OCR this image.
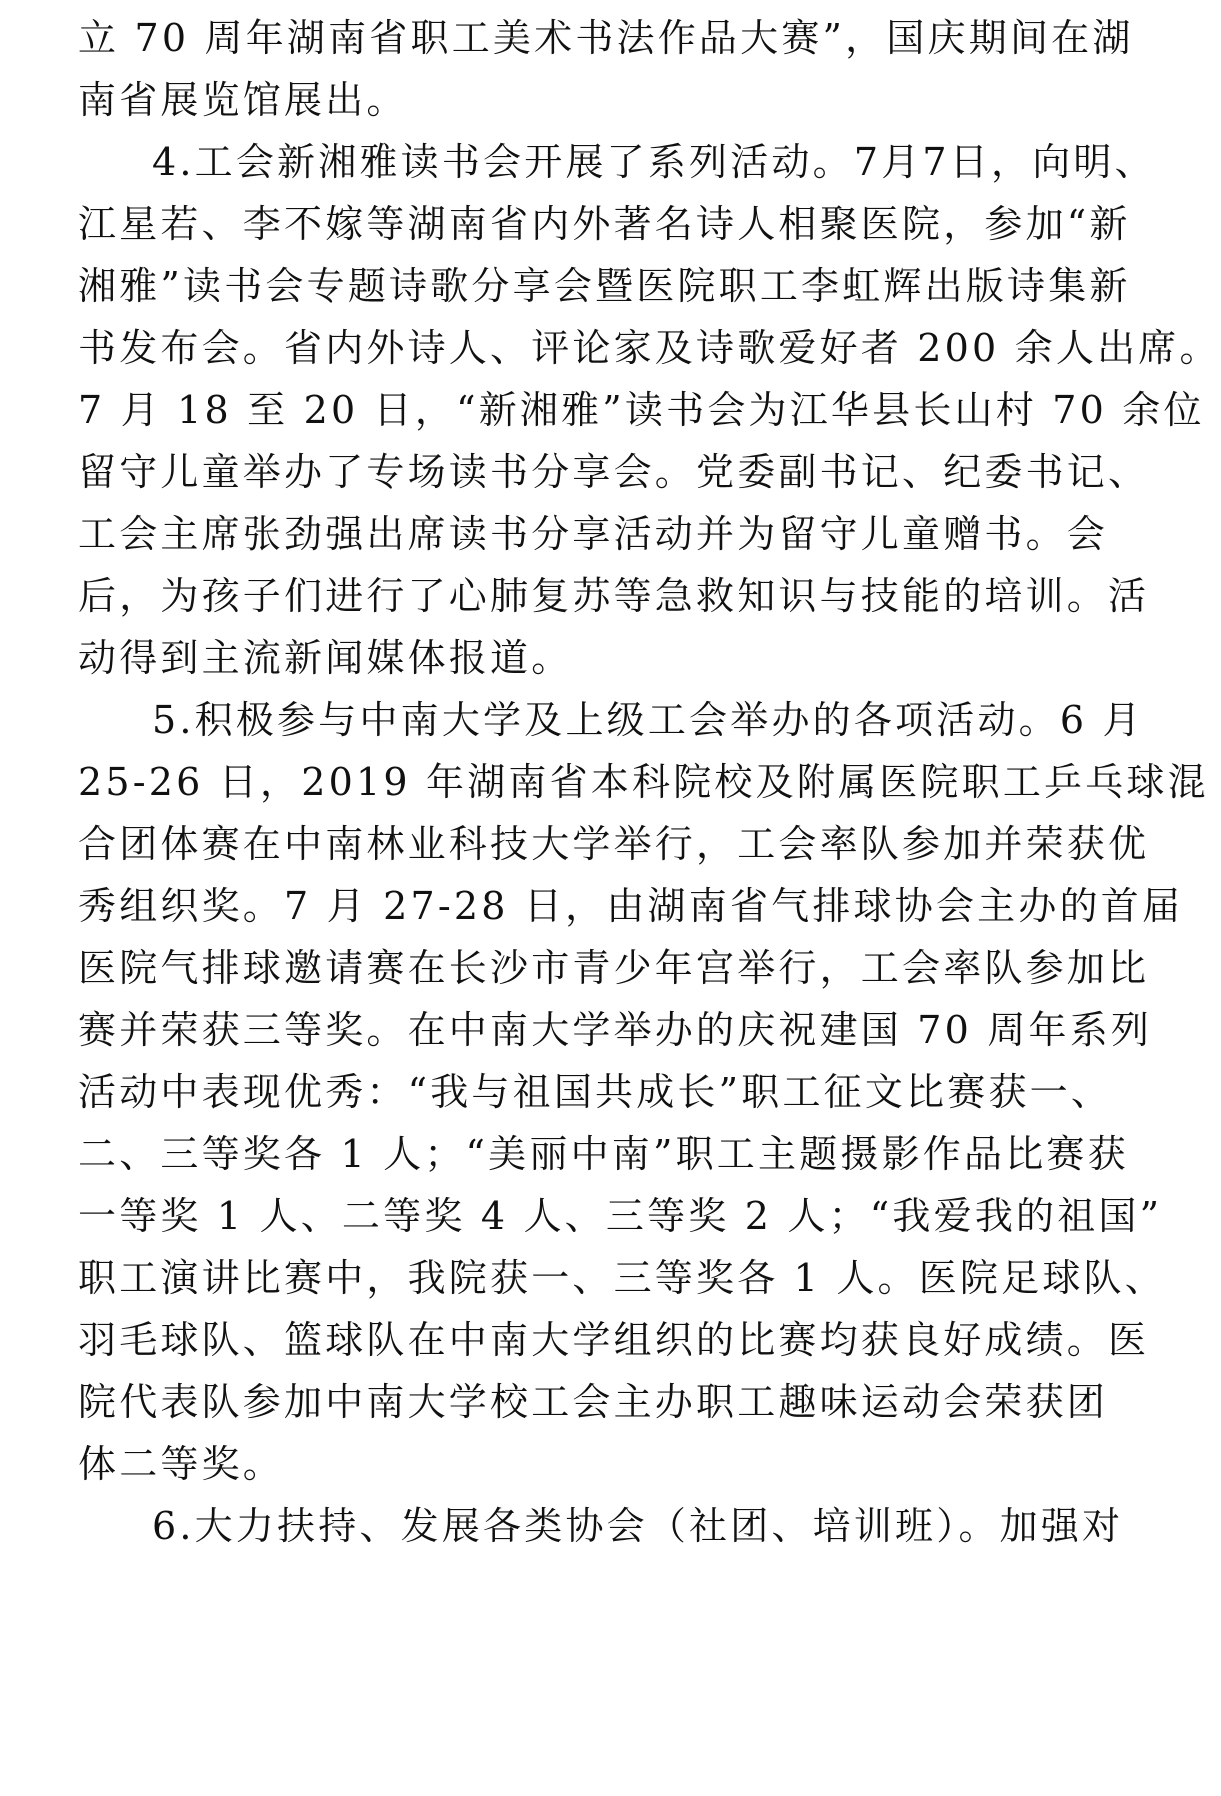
立 70 周年湖南省职工美术书法作品大赛”，国庆期间在湖
南省展览馆展出。
4.工会新湘雅读书会开展了系列活动。7月7日，向明、
江星若、李不嫁等湖南省内外著名诗人相聚医院，参加“新
湘雅”读书会专题诗歌分享会暨医院职工李虹辉出版诗集新
书发布会。省内外诗人、评论家及诗歌爱好者 200 余人出席。
7 月 18 至 20 日，“新湘雅”读书会为江华县长山村 70 余位
留守儿童举办了专场读书分享会。党委副书记、纪委书记、
工会主席张劲强出席读书分享活动并为留守儿童赠书。会
后，为孩子们进行了心肺复苏等急救知识与技能的培训。活
动得到主流新闻媒体报道。
5.积极参与中南大学及上级工会举办的各项活动。6 月
25-26 日，2019 年湖南省本科院校及附属医院职工乒乓球混
合团体赛在中南林业科技大学举行，工会率队参加并荣获优
秀组织奖。7 月 27-28 日，由湖南省气排球协会主办的首届
医院气排球邀请赛在长沙市青少年宫举行，工会率队参加比
赛并荣获三等奖。在中南大学举办的庆祝建国 70 周年系列
活动中表现优秀：“我与祖国共成长”职工征文比赛获一、
二、三等奖各 1 人；“美丽中南”职工主题摄影作品比赛获
一等奖 1 人、二等奖 4 人、三等奖 2 人；“我爱我的祖国”
职工演讲比赛中，我院获一、三等奖各 1 人。医院足球队、
羽毛球队、篮球队在中南大学组织的比赛均获良好成绩。医
院代表队参加中南大学校工会主办职工趣味运动会荣获团
体二等奖。
6.大力扶持、发展各类协会（社团、培训班）。加强对
